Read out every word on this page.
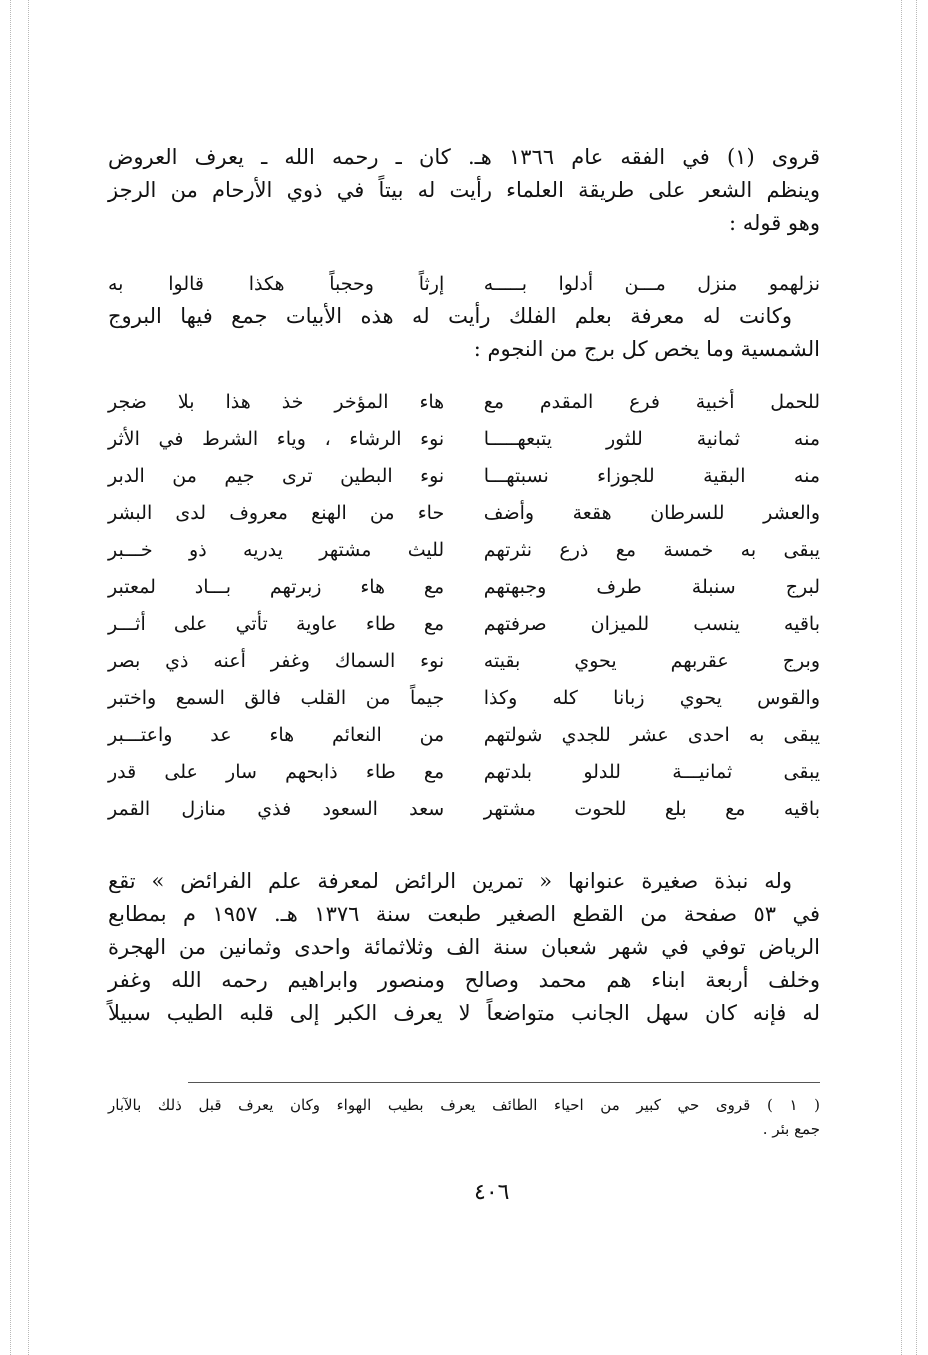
قروى (١) في الفقه عام ١٣٦٦ هـ. كان ـ رحمه الله ـ يعرف العروض
وينظم الشعر على طريقة العلماء رأيت له بيتاً في ذوي الأرحام من الرجز
وهو قوله :
نزلهمو منزل مـــن أدلوا بـــــه
إرثاً وحجباً هكذا قالوا به
وكانت له معرفة بعلم الفلك رأيت له هذه الأبيات جمع فيها البروج
الشمسية وما يخص كل برج من النجوم :
للحمل أخبية فرع المقدم مع
هاء المؤخر خذ هذا بلا ضجر
منه ثمانية للثور يتبعهـــــا
نوء الرشاء ، وياء الشرط في الأثر
منه البقية للجوزاء نسبتهـــا
نوء البطين ترى جيم من الدبر
والعشر للسرطان هقعة وأضف
حاء من الهنع معروف لدى البشر
يبقى به خمسة مع ذرع نثرتهم
لليث مشتهر يدريه ذو خـــبر
لبرج سنبلة طرف وجبهتهم
مع هاء زبرتهم بـــاد لمعتبر
باقيه ينسب للميزان صرفتهم
مع طاء عاوية تأتي على أثـــر
وبرج عقربهم يحوي بقيته
نوء السماك وغفر أعنه ذي بصر
والقوس يحوي زبانا كله وكذا
جيماً من القلب فالق السمع واختبر
يبقى به احدى عشر للجدي شولتهم
من النعائم هاء عد واعتـــبر
يبقى ثمانيـــة للدلو بلدتهم
مع طاء ذابحهم سار على قدر
باقيه مع بلع للحوت مشتهر
سعد السعود فذي منازل القمر
وله نبذة صغيرة عنوانها « تمرين الرائض لمعرفة علم الفرائض » تقع
في ٥٣ صفحة من القطع الصغير طبعت سنة ١٣٧٦ هـ. ١٩٥٧ م بمطابع
الرياض توفي في شهر شعبان سنة الف وثلاثمائة واحدى وثمانين من الهجرة
وخلف أربعة ابناء هم محمد وصالح ومنصور وابراهيم رحمه الله وغفر
له فإنه كان سهل الجانب متواضعاً لا يعرف الكبر إلى قلبه الطيب سبيلاً
( ١ ) قروى حي كبير من احياء الطائف يعرف بطيب الهواء وكان يعرف قبل ذلك بالآبار
جمع بئر .
٤٠٦
